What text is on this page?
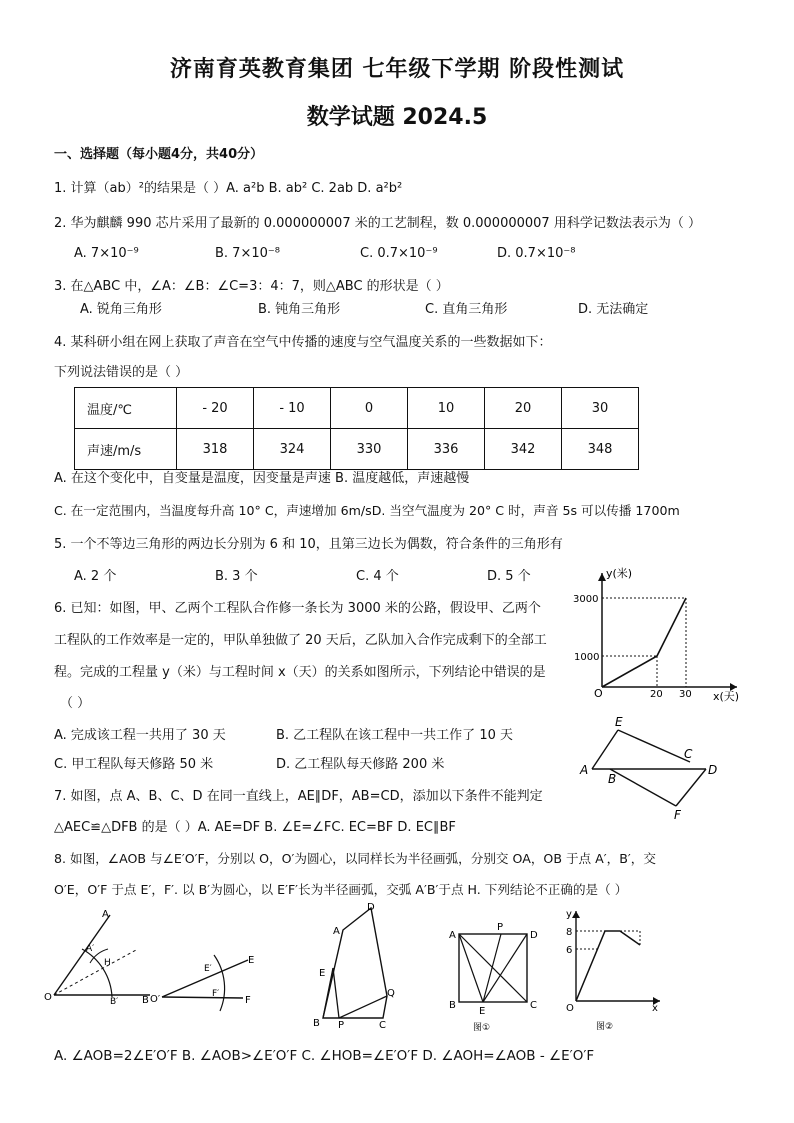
济南育英教育集团 七年级下学期 阶段性测试
数学试题 2024.5
一、选择题（每小题4分，共40分）
1. 计算（ab）²的结果是（ ）A. a²b B. ab² C. 2ab D. a²b²
2. 华为麒麟 990 芯片采用了最新的 0.000000007 米的工艺制程，数 0.000000007 用科学记数法表示为（ ）
A. 7×10⁻⁹	B. 7×10⁻⁸	C. 0.7×10⁻⁹	D. 0.7×10⁻⁸
3. 在△ABC 中，∠A：∠B：∠C=3：4：7，则△ABC 的形状是（ ）
A. 锐角三角形	B. 钝角三角形	C. 直角三角形	D. 无法确定
4. 某科研小组在网上获取了声音在空气中传播的速度与空气温度关系的一些数据如下：
下列说法错误的是（ ）
温度/℃	- 20	- 10	0	10	20	30
声速/m/s	318	324	330	336	342	348
A. 在这个变化中，自变量是温度，因变量是声速 B. 温度越低，声速越慢
C. 在一定范围内，当温度每升高 10° C，声速增加 6m/sD. 当空气温度为 20° C 时，声音 5s 可以传播 1700m
5. 一个不等边三角形的两边长分别为 6 和 10，且第三边长为偶数，符合条件的三角形有
A. 2 个	B. 3 个	C. 4 个	D. 5 个
6. 已知：如图，甲、乙两个工程队合作修一条长为 3000 米的公路，假设甲、乙两个
工程队的工作效率是一定的，甲队单独做了 20 天后，乙队加入合作完成剩下的全部工
程。完成的工程量 y（米）与工程时间 x（天）的关系如图所示，下列结论中错误的是
（ ）
A. 完成该工程一共用了 30 天	B. 乙工程队在该工程中一共工作了 10 天
C. 甲工程队每天修路 50 米	D. 乙工程队每天修路 200 米
y(米)
x(天)
O
3000
1000
20 30
E
A
B
C
D
F
7. 如图，点 A、B、C、D 在同一直线上，AE∥DF，AB=CD，添加以下条件不能判定
△AEC≌△DFB 的是（ ）A. AE=DF B. ∠E=∠FC. EC=BF D. EC∥BF
8. 如图，∠AOB 与∠E′O′F，分别以 O，O′为圆心，以同样长为半径画弧，分别交 OA，OB 于点 A′，B′，交
O′E，O′F 于点 E′，F′. 以 B′为圆心，以 E′F′长为半径画弧，交弧 A′B′于点 H. 下列结论不正确的是（ ）
A
A′
H
O	B′ B
E
E′
O′	F′
F
D
A
E
Q
B P	C
A	D
P
B
E
C
图①
y
8
6
O	x
图②
A. ∠AOB=2∠E′O′F B. ∠AOB>∠E′O′F C. ∠HOB=∠E′O′F D. ∠AOH=∠AOB - ∠E′O′F
